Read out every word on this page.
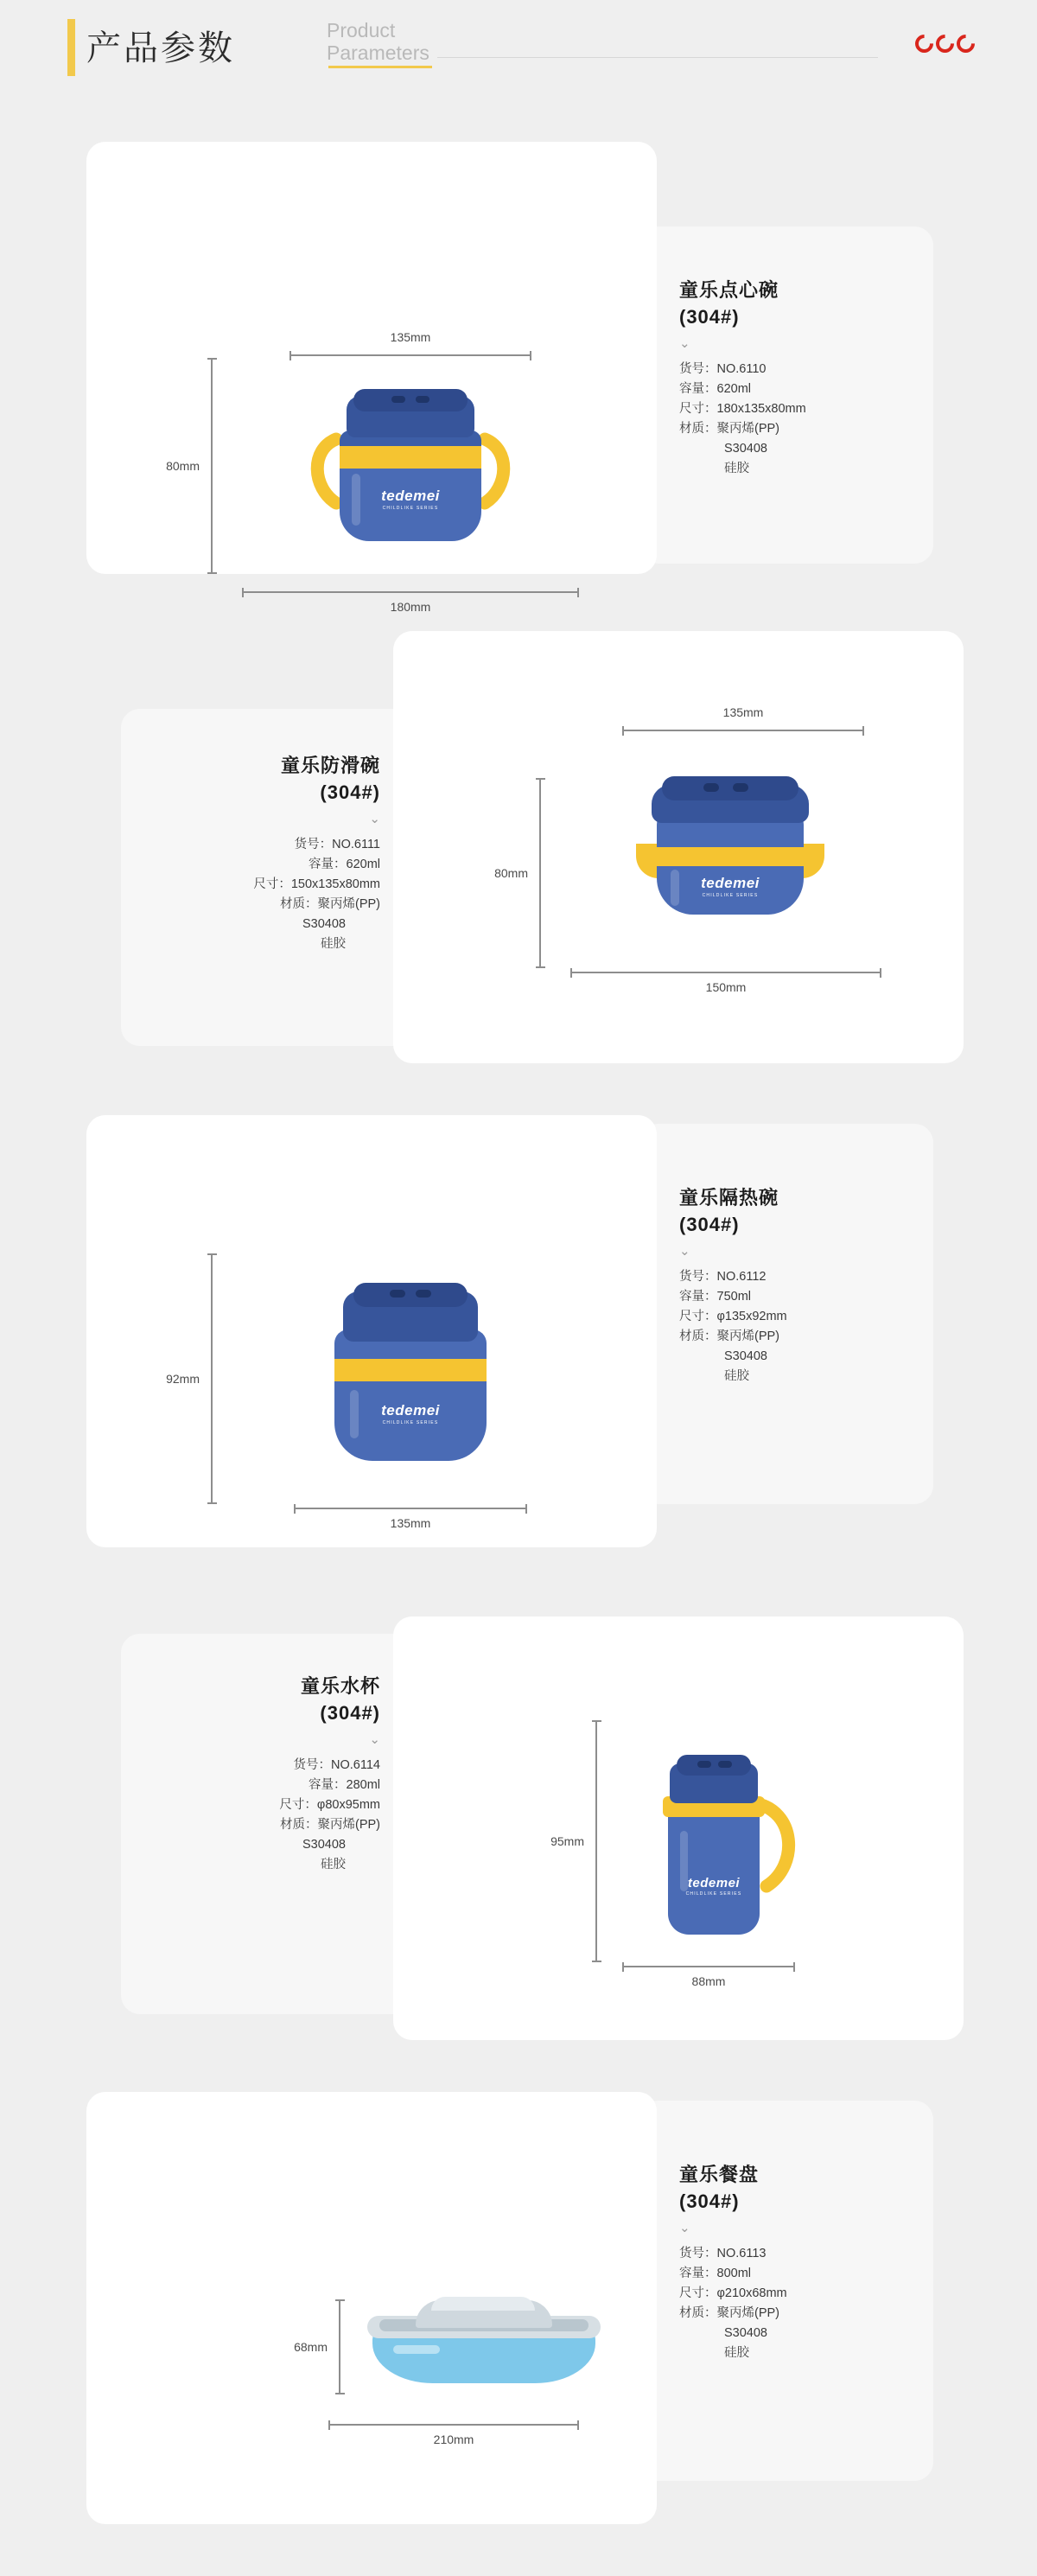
产品参数	Product
Parameters
135mm
80mm
180mm
tedemei
CHILDLIKE SERIES
童乐点心碗
(304#)
⌄
货号：NO.6110
容量：620ml
尺寸：180x135x80mm
材质：聚丙烯(PP)
S30408
硅胶
135mm
80mm
150mm
tedemei
CHILDLIKE SERIES
童乐防滑碗
(304#)
⌄
货号：NO.6111
容量：620ml
尺寸：150x135x80mm
材质：聚丙烯(PP)
S30408
硅胶
92mm
135mm
tedemei
CHILDLIKE SERIES
童乐隔热碗
(304#)
⌄
货号：NO.6112
容量：750ml
尺寸：φ135x92mm
材质：聚丙烯(PP)
S30408
硅胶
95mm
88mm
tedemei
CHILDLIKE SERIES
童乐水杯
(304#)
⌄
货号：NO.6114
容量：280ml
尺寸：φ80x95mm
材质：聚丙烯(PP)
S30408
硅胶
68mm
210mm
童乐餐盘
(304#)
⌄
货号：NO.6113
容量：800ml
尺寸：φ210x68mm
材质：聚丙烯(PP)
S30408
硅胶
